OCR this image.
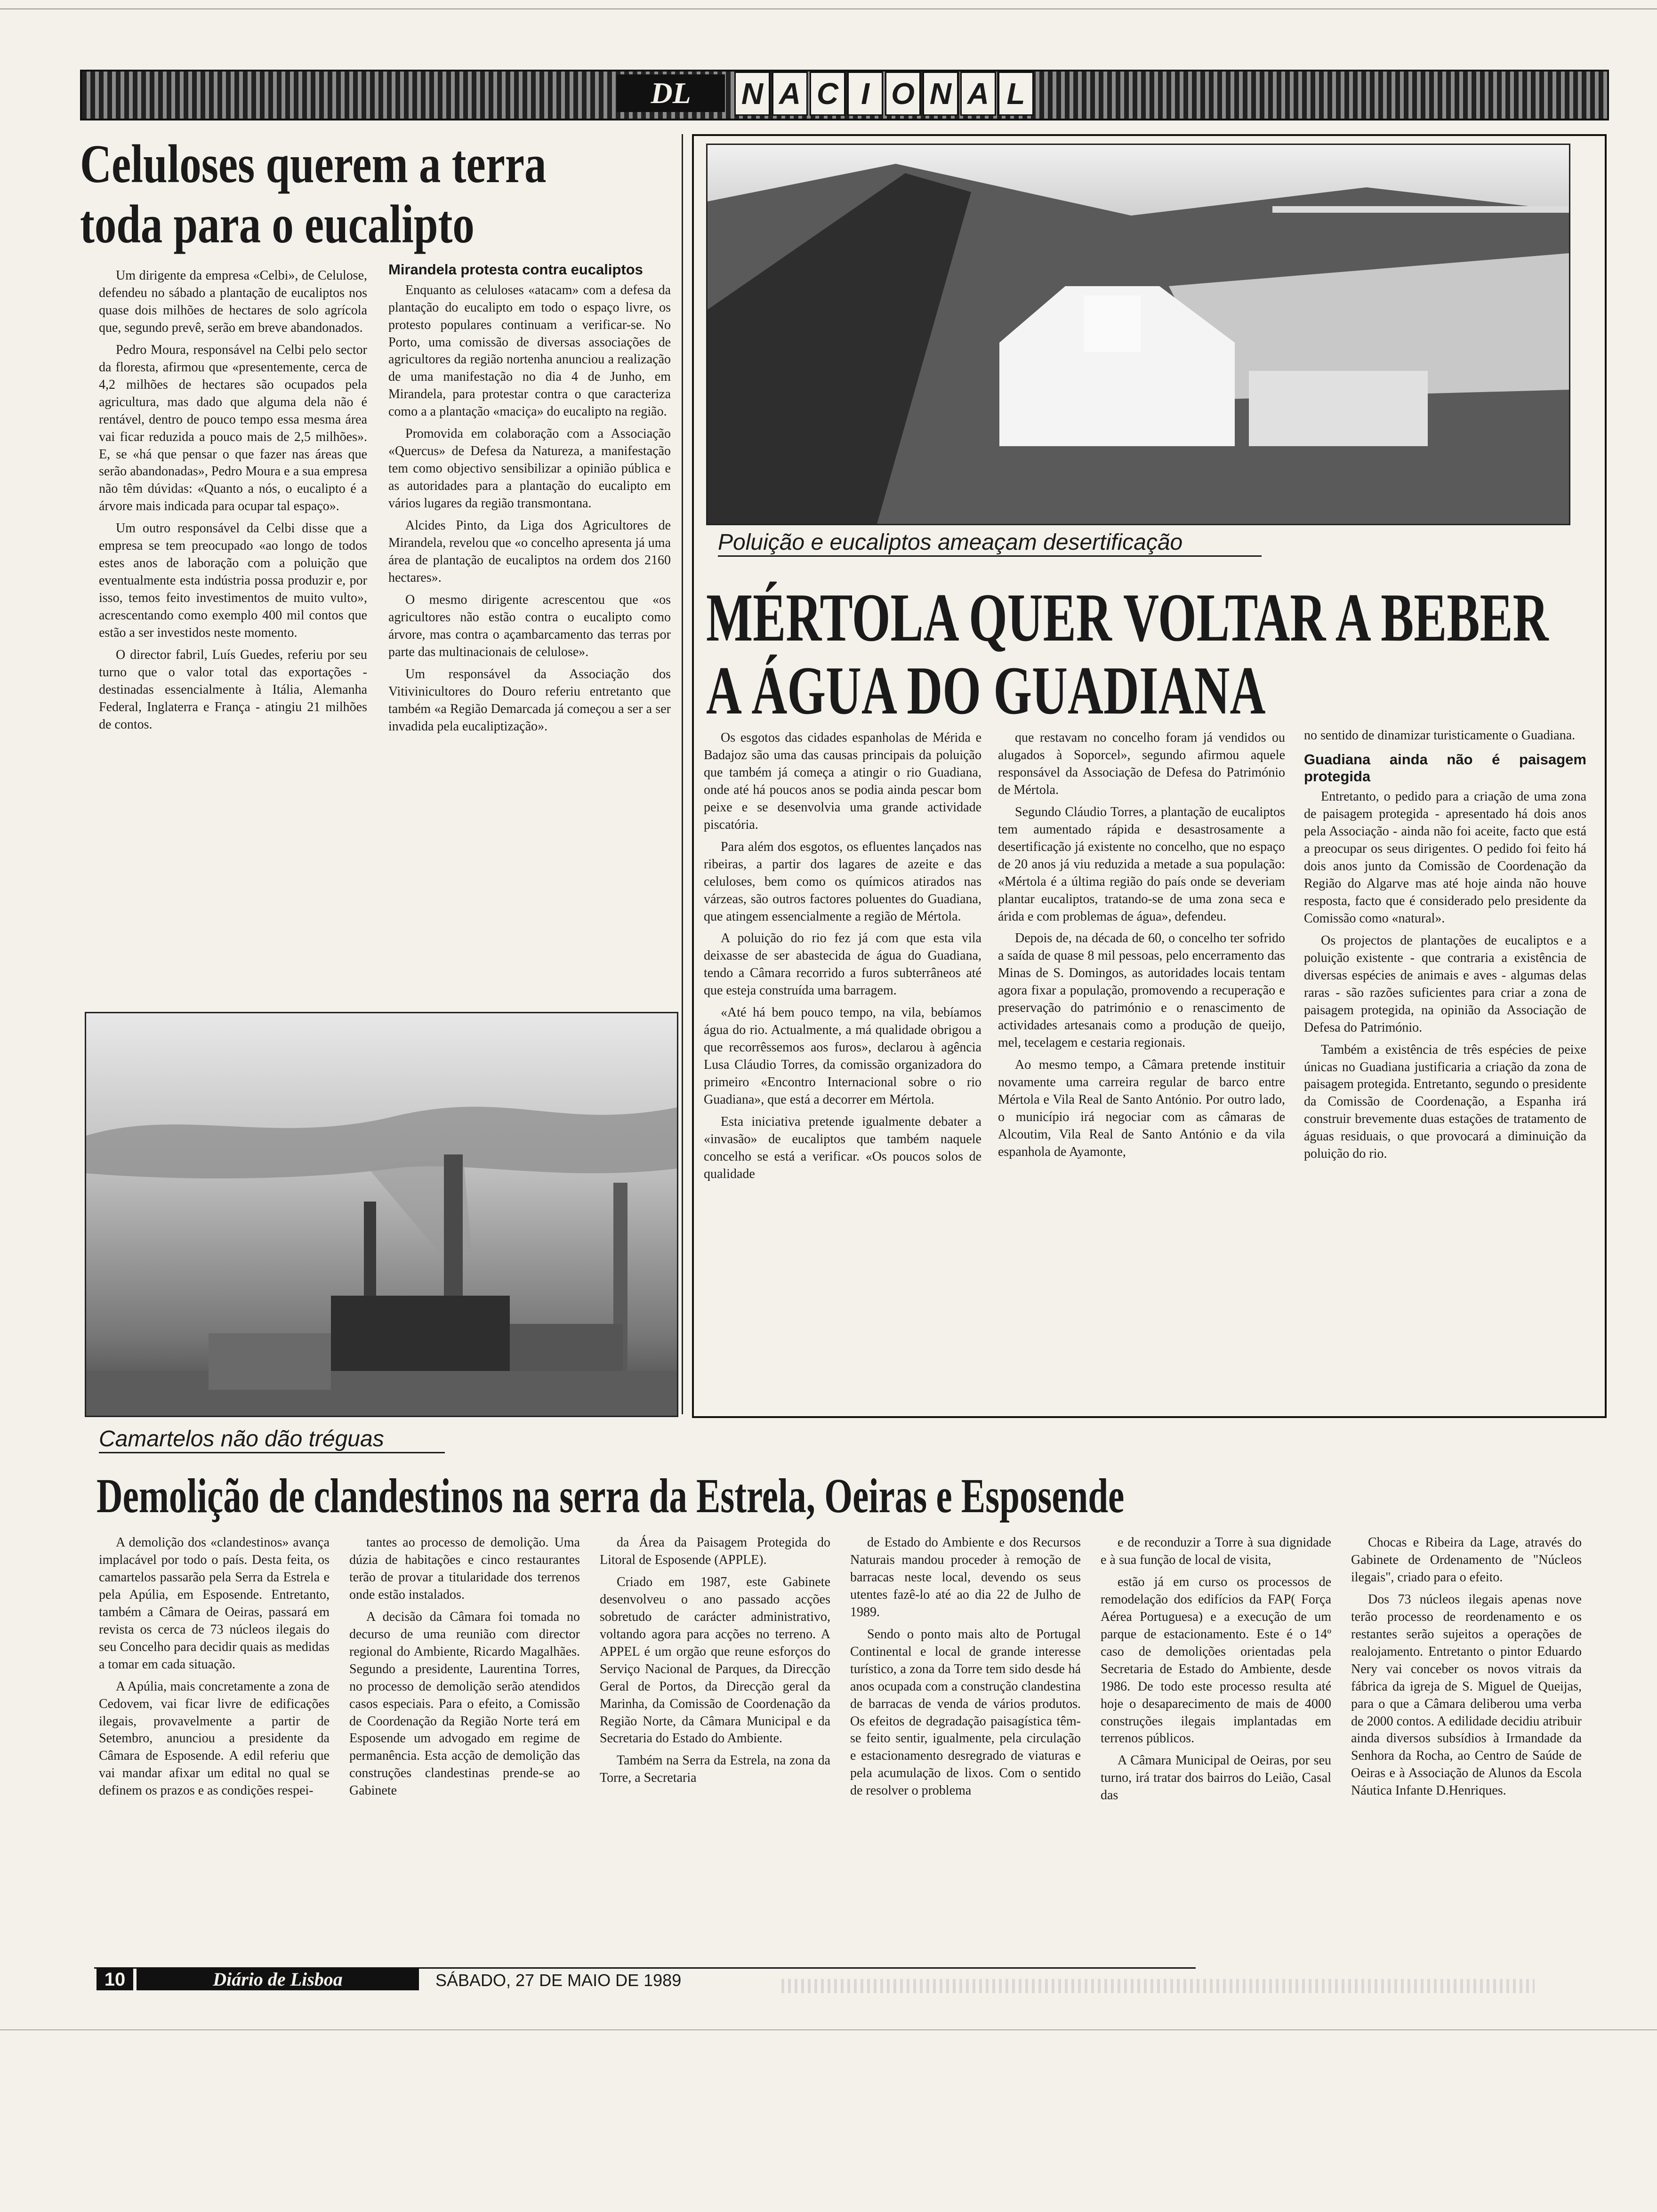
DL	N A C I O N A L
Celuloses querem a terra
toda para o eucalipto

Um dirigente da empresa «Celbi», de Celulose, defendeu no sábado a plantação de eucaliptos nos quase dois milhões de hectares de solo agrícola que, segundo prevê, serão em breve abandonados.

Pedro Moura, responsável na Celbi pelo sector da floresta, afirmou que «presentemente, cerca de 4,2 milhões de hectares são ocupados pela agricultura, mas dado que alguma dela não é rentável, dentro de pouco tempo essa mesma área vai ficar reduzida a pouco mais de 2,5 milhões». E, se «há que pensar o que fazer nas áreas que serão abandonadas», Pedro Moura e a sua empresa não têm dúvidas: «Quanto a nós, o eucalipto é a árvore mais indicada para ocupar tal espaço».

Um outro responsável da Celbi disse que a empresa se tem preocupado «ao longo de todos estes anos de laboração com a poluição que eventualmente esta indústria possa produzir e, por isso, temos feito investimentos de muito vulto», acrescentando como exemplo 400 mil contos que estão a ser investidos neste momento.

O director fabril, Luís Guedes, referiu por seu turno que o valor total das exportações - destinadas essencialmente à Itália, Alemanha Federal, Inglaterra e França - atingiu 21 milhões de contos.

Mirandela protesta contra eucaliptos

Enquanto as celuloses «atacam» com a defesa da plantação do eucalipto em todo o espaço livre, os protesto populares continuam a verificar-se. No Porto, uma comissão de diversas associações de agricultores da região nortenha anunciou a realização de uma manifestação no dia 4 de Junho, em Mirandela, para protestar contra o que caracteriza como a a plantação «maciça» do eucalipto na região.

Promovida em colaboração com a Associação «Quercus» de Defesa da Natureza, a manifestação tem como objectivo sensibilizar a opinião pública e as autoridades para a plantação do eucalipto em vários lugares da região transmontana.

Alcides Pinto, da Liga dos Agricultores de Mirandela, revelou que «o concelho apresenta já uma área de plantação de eucaliptos na ordem dos 2160 hectares».

O mesmo dirigente acrescentou que «os agricultores não estão contra o eucalipto como árvore, mas contra o açambarcamento das terras por parte das multinacionais de celulose».

Um responsável da Associação dos Vitivinicultores do Douro referiu entretanto que também «a Região Demarcada já começou a ser a ser invadida pela eucaliptização».

Poluição e eucaliptos ameaçam desertificação
MÉRTOLA QUER VOLTAR A BEBER
A ÁGUA DO GUADIANA

Os esgotos das cidades espanholas de Mérida e Badajoz são uma das causas principais da poluição que também já começa a atingir o rio Guadiana, onde até há poucos anos se podia ainda pescar bom peixe e se desenvolvia uma grande actividade piscatória.

Para além dos esgotos, os efluentes lançados nas ribeiras, a partir dos lagares de azeite e das celuloses, bem como os químicos atirados nas várzeas, são outros factores poluentes do Guadiana, que atingem essencialmente a região de Mértola.

A poluição do rio fez já com que esta vila deixasse de ser abastecida de água do Guadiana, tendo a Câmara recorrido a furos subterrâneos até que esteja construída uma barragem.

«Até há bem pouco tempo, na vila, bebíamos água do rio. Actualmente, a má qualidade obrigou a que recorrêssemos aos furos», declarou à agência Lusa Cláudio Torres, da comissão organizadora do primeiro «Encontro Internacional sobre o rio Guadiana», que está a decorrer em Mértola.

Esta iniciativa pretende igualmente debater a «invasão» de eucaliptos que também naquele concelho se está a verificar. «Os poucos solos de qualidade

que restavam no concelho foram já vendidos ou alugados à Soporcel», segundo afirmou aquele responsável da Associação de Defesa do Património de Mértola.

Segundo Cláudio Torres, a plantação de eucaliptos tem aumentado rápida e desastrosamente a desertificação já existente no concelho, que no espaço de 20 anos já viu reduzida a metade a sua população: «Mértola é a última região do país onde se deveriam plantar eucaliptos, tratando-se de uma zona seca e árida e com problemas de água», defendeu.

Depois de, na década de 60, o concelho ter sofrido a saída de quase 8 mil pessoas, pelo encerramento das Minas de S. Domingos, as autoridades locais tentam agora fixar a população, promovendo a recuperação e preservação do património e o renascimento de actividades artesanais como a produção de queijo, mel, tecelagem e cestaria regionais.

Ao mesmo tempo, a Câmara pretende instituir novamente uma carreira regular de barco entre Mértola e Vila Real de Santo António. Por outro lado, o município irá negociar com as câmaras de Alcoutim, Vila Real de Santo António e da vila espanhola de Ayamonte,

no sentido de dinamizar turisticamente o Guadiana.

Guadiana ainda não é paisagem protegida

Entretanto, o pedido para a criação de uma zona de paisagem protegida - apresentado há dois anos pela Associação - ainda não foi aceite, facto que está a preocupar os seus dirigentes. O pedido foi feito há dois anos junto da Comissão de Coordenação da Região do Algarve mas até hoje ainda não houve resposta, facto que é considerado pelo presidente da Comissão como «natural».

Os projectos de plantações de eucaliptos e a poluição existente - que contraria a existência de diversas espécies de animais e aves - algumas delas raras - são razões suficientes para criar a zona de paisagem protegida, na opinião da Associação de Defesa do Património.

Também a existência de três espécies de peixe únicas no Guadiana justificaria a criação da zona de paisagem protegida. Entretanto, segundo o presidente da Comissão de Coordenação, a Espanha irá construir brevemente duas estações de tratamento de águas residuais, o que provocará a diminuição da poluição do rio.

Camartelos não dão tréguas
Demolição de clandestinos na serra da Estrela, Oeiras e Esposende

A demolição dos «clandestinos» avança implacável por todo o país. Desta feita, os camartelos passarão pela Serra da Estrela e pela Apúlia, em Esposende. Entretanto, também a Câmara de Oeiras, passará em revista os cerca de 73 núcleos ilegais do seu Concelho para decidir quais as medidas a tomar em cada situação.

A Apúlia, mais concretamente a zona de Cedovem, vai ficar livre de edificações ilegais, provavelmente a partir de Setembro, anunciou a presidente da Câmara de Esposende. A edil referiu que vai mandar afixar um edital no qual se definem os prazos e as condições respei-

tantes ao processo de demolição. Uma dúzia de habitações e cinco restaurantes terão de provar a titularidade dos terrenos onde estão instalados.

A decisão da Câmara foi tomada no decurso de uma reunião com director regional do Ambiente, Ricardo Magalhães. Segundo a presidente, Laurentina Torres, no processo de demolição serão atendidos casos especiais. Para o efeito, a Comissão de Coordenação da Região Norte terá em Esposende um advogado em regime de permanência. Esta acção de demolição das construções clandestinas prende-se ao Gabinete

da Área da Paisagem Protegida do Litoral de Esposende (APPLE).

Criado em 1987, este Gabinete desenvolveu o ano passado acções sobretudo de carácter administrativo, voltando agora para acções no terreno. A APPEL é um orgão que reune esforços do Serviço Nacional de Parques, da Direcção Geral de Portos, da Direcção geral da Marinha, da Comissão de Coordenação da Região Norte, da Câmara Municipal e da Secretaria do Estado do Ambiente.

Também na Serra da Estrela, na zona da Torre, a Secretaria

de Estado do Ambiente e dos Recursos Naturais mandou proceder à remoção de barracas neste local, devendo os seus utentes fazê-lo até ao dia 22 de Julho de 1989.

Sendo o ponto mais alto de Portugal Continental e local de grande interesse turístico, a zona da Torre tem sido desde há anos ocupada com a construção clandestina de barracas de venda de vários produtos. Os efeitos de degradação paisagística têm-se feito sentir, igualmente, pela circulação e estacionamento desregrado de viaturas e pela acumulação de lixos. Com o sentido de resolver o problema

e de reconduzir a Torre à sua dignidade e à sua função de local de visita,

estão já em curso os processos de remodelação dos edifícios da FAP( Força Aérea Portuguesa) e a execução de um parque de estacionamento. Este é o 14º caso de demolições orientadas pela Secretaria de Estado do Ambiente, desde 1986. De todo este processo resulta até hoje o desaparecimento de mais de 4000 construções ilegais implantadas em terrenos públicos.

A Câmara Municipal de Oeiras, por seu turno, irá tratar dos bairros do Leião, Casal das

Chocas e Ribeira da Lage, através do Gabinete de Ordenamento de "Núcleos ilegais", criado para o efeito.

Dos 73 núcleos ilegais apenas nove terão processo de reordenamento e os restantes serão sujeitos a operações de realojamento. Entretanto o pintor Eduardo Nery vai conceber os novos vitrais da fábrica da igreja de S. Miguel de Queijas, para o que a Câmara deliberou uma verba de 2000 contos. A edilidade decidiu atribuir ainda diversos subsídios à Irmandade da Senhora da Rocha, ao Centro de Saúde de Oeiras e à Associação de Alunos da Escola Náutica Infante D.Henriques.

10	Diário de Lisboa	SÁBADO, 27 DE MAIO DE 1989
